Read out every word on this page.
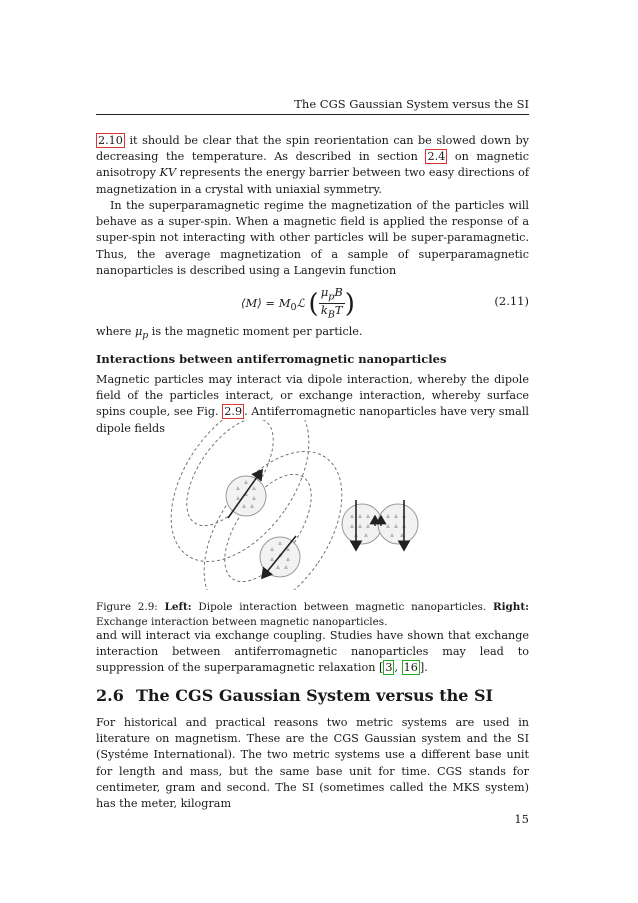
The CGS Gaussian System versus the SI
2.10 it should be clear that the spin reorientation can be slowed down by decreasing the temperature. As described in section 2.4 on magnetic anisotropy KV represents the energy barrier between two easy directions of magnetization in a crystal with uniaxial symmetry.
In the superparamagnetic regime the magnetization of the particles will behave as a super-spin. When a magnetic field is applied the response of a super-spin not interacting with other particles will be super-paramagnetic. Thus, the average magnetization of a sample of superparamagnetic nanoparticles is described using a Langevin function
⟨M⟩ = $M_0ℒ$ ( $\frac{\mu_pB}{k_BT}$ )	(2.11)
where $\mu_p$ is the magnetic moment per particle.
Interactions between antiferromagnetic nanoparticles
Magnetic particles may interact via dipole interaction, whereby the dipole field of the particles interact, or exchange interaction, whereby surface spins couple, see Fig. 2.9 . Antiferromagnetic nanoparticles have very small dipole fields
Figure 2.9: Left: Dipole interaction between magnetic nanoparticles. Right: Exchange interaction between magnetic nanoparticles.
and will interact via exchange coupling. Studies have shown that exchange interaction between antiferromagnetic nanoparticles may lead to suppression of the superparamagnetic relaxation [ 3 , 16 ].
2.6 The CGS Gaussian System versus the SI
For historical and practical reasons two metric systems are used in literature on magnetism. These are the CGS Gaussian system and the SI (Systéme International). The two metric systems use a different base unit for length and mass, but the same base unit for time. CGS stands for centimeter, gram and second. The SI (sometimes called the MKS system) has the meter, kilogram
15
